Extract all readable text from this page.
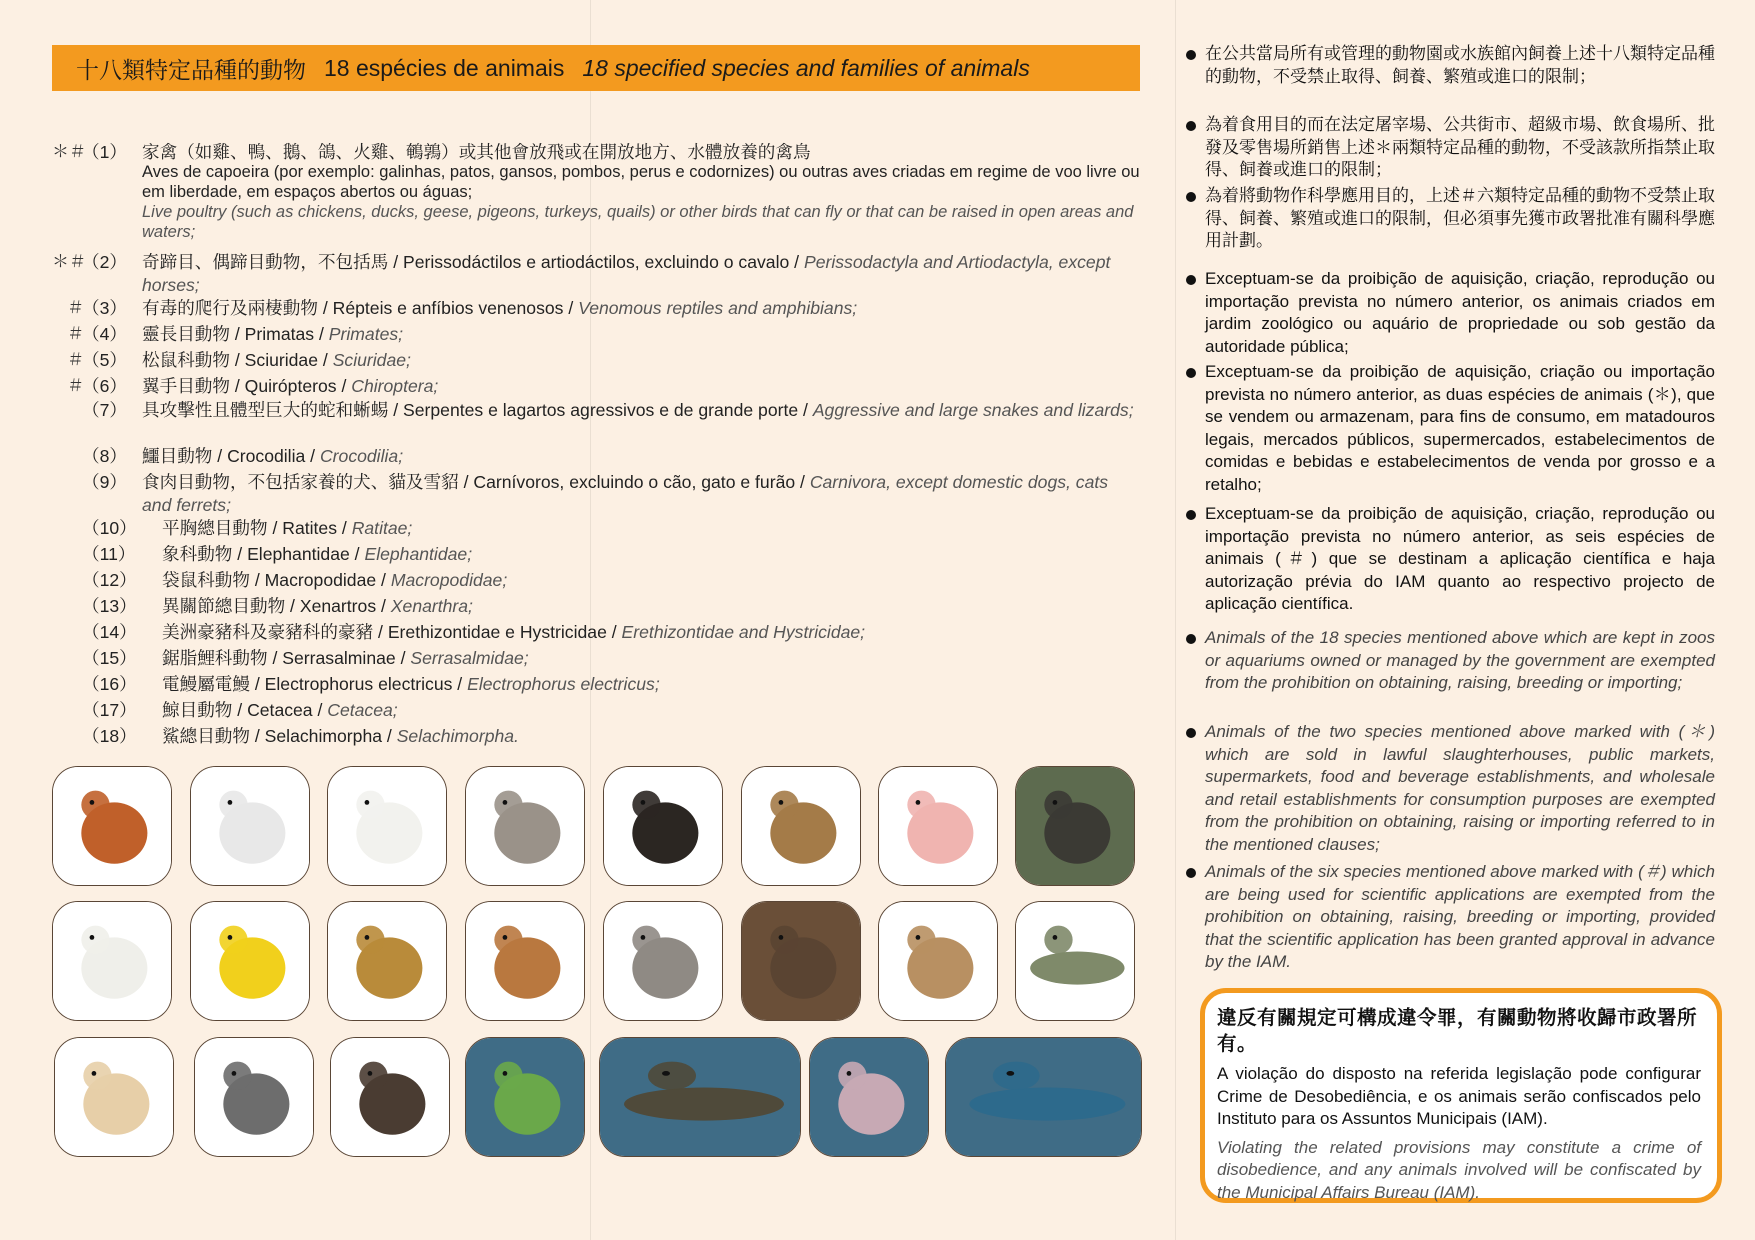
十八類特定品種的動物 18 espécies de animais 18 specified species and families of animals
＊＃
（1） 家禽（如雞、鴨、鵝、鴿、火雞、鵪鶉）或其他會放飛或在開放地方、水體放養的禽鳥
Aves de capoeira (por exemplo: galinhas, patos, gansos, pombos, perus e codornizes) ou outras aves criadas em regime de voo livre ou em liberdade, em espaços abertos ou águas;
Live poultry (such as chickens, ducks, geese, pigeons, turkeys, quails) or other birds that can fly or that can be raised in open areas and waters;
＊＃
（2） 奇蹄目、偶蹄目動物，不包括馬 / Perissodáctilos e artiodáctilos, excluindo o cavalo / Perissodactyla and Artiodactyla, except horses;
＃
（3） 有毒的爬行及兩棲動物 / Répteis e anfíbios venenosos / Venomous reptiles and amphibians;
＃
（4） 靈長目動物 / Primatas / Primates;
＃
（5） 松鼠科動物 / Sciuridae / Sciuridae;
＃
（6） 翼手目動物 / Quirópteros / Chiroptera;
（7） 具攻擊性且體型巨大的蛇和蜥蜴 / Serpentes e lagartos agressivos e de grande porte / Aggressive and large snakes and lizards;
（8） 鱷目動物 / Crocodilia / Crocodilia;
（9） 食肉目動物，不包括家養的犬、貓及雪貂 / Carnívoros, excluindo o cão, gato e furão / Carnivora, except domestic dogs, cats and ferrets;
（10） 平胸總目動物 / Ratites / Ratitae;
（11） 象科動物 / Elephantidae / Elephantidae;
（12） 袋鼠科動物 / Macropodidae / Macropodidae;
（13） 異關節總目動物 / Xenartros / Xenarthra;
（14） 美洲豪豬科及豪豬科的豪豬 / Erethizontidae e Hystricidae / Erethizontidae and Hystricidae;
（15） 鋸脂鯉科動物 / Serrasalminae / Serrasalmidae;
（16） 電鰻屬電鰻 / Electrophorus electricus / Electrophorus electricus;
（17） 鯨目動物 / Cetacea / Cetacea;
（18） 鯊總目動物 / Selachimorpha / Selachimorpha.
在公共當局所有或管理的動物園或水族館內飼養上述十八類特定品種的動物，不受禁止取得、飼養、繁殖或進口的限制；
為着食用目的而在法定屠宰場、公共街市、超級市場、飲食場所、批發及零售場所銷售上述＊兩類特定品種的動物，不受該款所指禁止取得、飼養或進口的限制；
為着將動物作科學應用目的，上述＃六類特定品種的動物不受禁止取得、飼養、繁殖或進口的限制，但必須事先獲市政署批准有關科學應用計劃。
Exceptuam-se da proibição de aquisição, criação, reprodução ou importação prevista no número anterior, os animais criados em jardim zoológico ou aquário de propriedade ou sob gestão da autoridade pública;
Exceptuam-se da proibição de aquisição, criação ou importação prevista no número anterior, as duas espécies de animais (＊), que se vendem ou armazenam, para fins de consumo, em matadouros legais, mercados públicos, supermercados, estabelecimentos de comidas e bebidas e estabelecimentos de venda por grosso e a retalho;
Exceptuam-se da proibição de aquisição, criação, reprodução ou importação prevista no número anterior, as seis espécies de animais (＃) que se destinam a aplicação científica e haja autorização prévia do IAM quanto ao respectivo projecto de aplicação científica.
Animals of the 18 species mentioned above which are kept in zoos or aquariums owned or managed by the government are exempted from the prohibition on obtaining, raising, breeding or importing;
Animals of the two species mentioned above marked with (＊) which are sold in lawful slaughterhouses, public markets, supermarkets, food and beverage establishments, and wholesale and retail establishments for consumption purposes are exempted from the prohibition on obtaining, raising or importing referred to in the mentioned clauses;
Animals of the six species mentioned above marked with (＃) which are being used for scientific applications are exempted from the prohibition on obtaining, raising, breeding or importing, provided that the scientific application has been granted approval in advance by the IAM.
違反有關規定可構成違令罪，有關動物將收歸市政署所有。
A violação do disposto na referida legislação pode configurar Crime de Desobediência, e os animais serão confiscados pelo Instituto para os Assuntos Municipais (IAM).
Violating the related provisions may constitute a crime of disobedience, and any animals involved will be confiscated by the Municipal Affairs Bureau (IAM).
